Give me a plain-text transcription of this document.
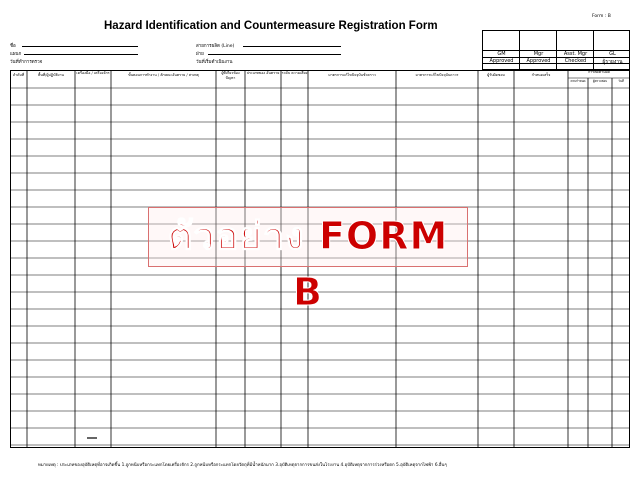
Hazard Identification and Countermeasure Registration Form
Form : B
ชื่อ
แผนก
วันที่ทำการตรวจ
สายการผลิต (Line)
ฝ่าย
วันที่เริ่มดำเนินงาน
GM	Mgr	Asst. Mgr	GL
Approved	Approved	Checked	ผู้รายงาน
ลำดับที่	พื้นที่/ผู้ปฏิบัติงาน	เครื่องมือ / เครื่องจักร	ขั้นตอนการทำงาน / ลักษณะอันตราย / สาเหตุ	ผู้ที่เกี่ยวข้อง ปัญหา
ประเภทของ อันตราย ระดับ ความเสี่ยง	มาตรการแก้ไขปัจจุบันชั่วคราว	มาตรการแก้ไขปัจจุบันถาวร	ผู้รับผิดชอบ	กำหนดเสร็จ
การติดตามผล
ครบกำหนด	ผู้ตรวจสอบ	วันที่
ตัวอย่าง FORM B
หมายเหตุ : ประเภทของอุบัติเหตุที่อาจเกิดขึ้น 1.ถูกหนีบหรือกระแทกโดยเครื่องจักร 2.ถูกหนีบหรือกระแทกโดยวัตถุที่มีน้ำหนักมาก 3.อุบัติเหตุจากการขนส่งในโรงงาน 4.อุบัติเหตุจากการร่วงหรือตก 5.อุบัติเหตุจากไฟฟ้า 6.อื่นๆ
